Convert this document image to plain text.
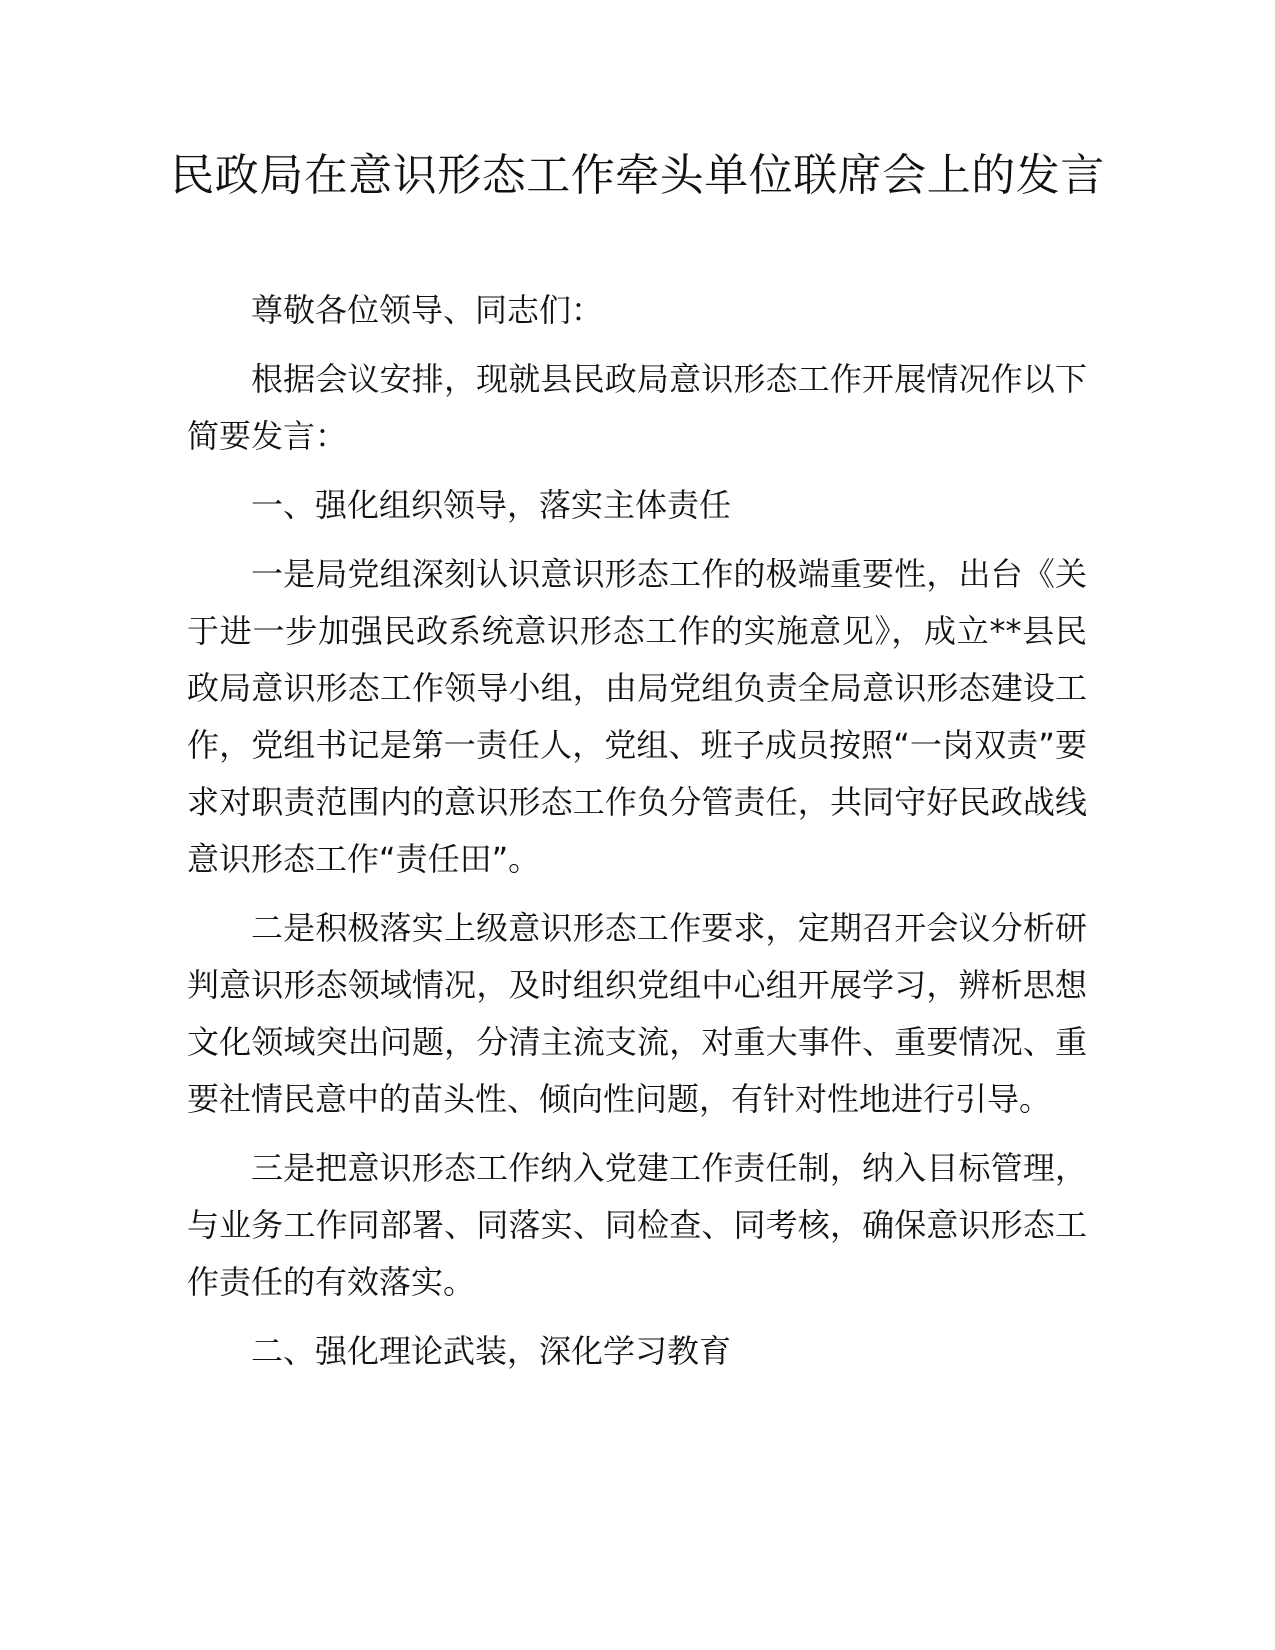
民政局在意识形态工作牵头单位联席会上的发言

尊敬各位领导、同志们：

根据会议安排，现就县民政局意识形态工作开展情况作以下简要发言：

一、强化组织领导，落实主体责任

一是局党组深刻认识意识形态工作的极端重要性，出台《关于进一步加强民政系统意识形态工作的实施意见》，成立**县民政局意识形态工作领导小组，由局党组负责全局意识形态建设工作，党组书记是第一责任人，党组、班子成员按照“一岗双责”要求对职责范围内的意识形态工作负分管责任，共同守好民政战线意识形态工作“责任田”。

二是积极落实上级意识形态工作要求，定期召开会议分析研判意识形态领域情况，及时组织党组中心组开展学习，辨析思想文化领域突出问题，分清主流支流，对重大事件、重要情况、重要社情民意中的苗头性、倾向性问题，有针对性地进行引导。

三是把意识形态工作纳入党建工作责任制，纳入目标管理，与业务工作同部署、同落实、同检查、同考核，确保意识形态工作责任的有效落实。

二、强化理论武装，深化学习教育
